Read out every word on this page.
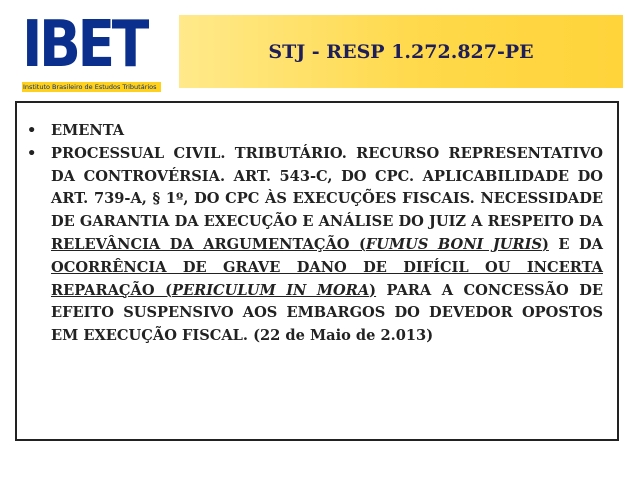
IBET
Instituto Brasileiro de Estudos Tributários
STJ - RESP 1.272.827-PE
• EMENTA
• PROCESSUAL CIVIL. TRIBUTÁRIO. RECURSO REPRESENTATIVO DA CONTROVÉRSIA. ART. 543-C, DO CPC. APLICABILIDADE DO ART. 739-A, § 1º, DO CPC ÀS EXECUÇÕES FISCAIS. NECESSIDADE DE GARANTIA DA EXECUÇÃO E ANÁLISE DO JUIZ A RESPEITO DA RELEVÂNCIA DA ARGUMENTAÇÃO (FUMUS BONI JURIS) E DA OCORRÊNCIA DE GRAVE DANO DE DIFÍCIL OU INCERTA REPARAÇÃO (PERICULUM IN MORA) PARA A CONCESSÃO DE EFEITO SUSPENSIVO AOS EMBARGOS DO DEVEDOR OPOSTOS EM EXECUÇÃO FISCAL. (22 de Maio de 2.013)
